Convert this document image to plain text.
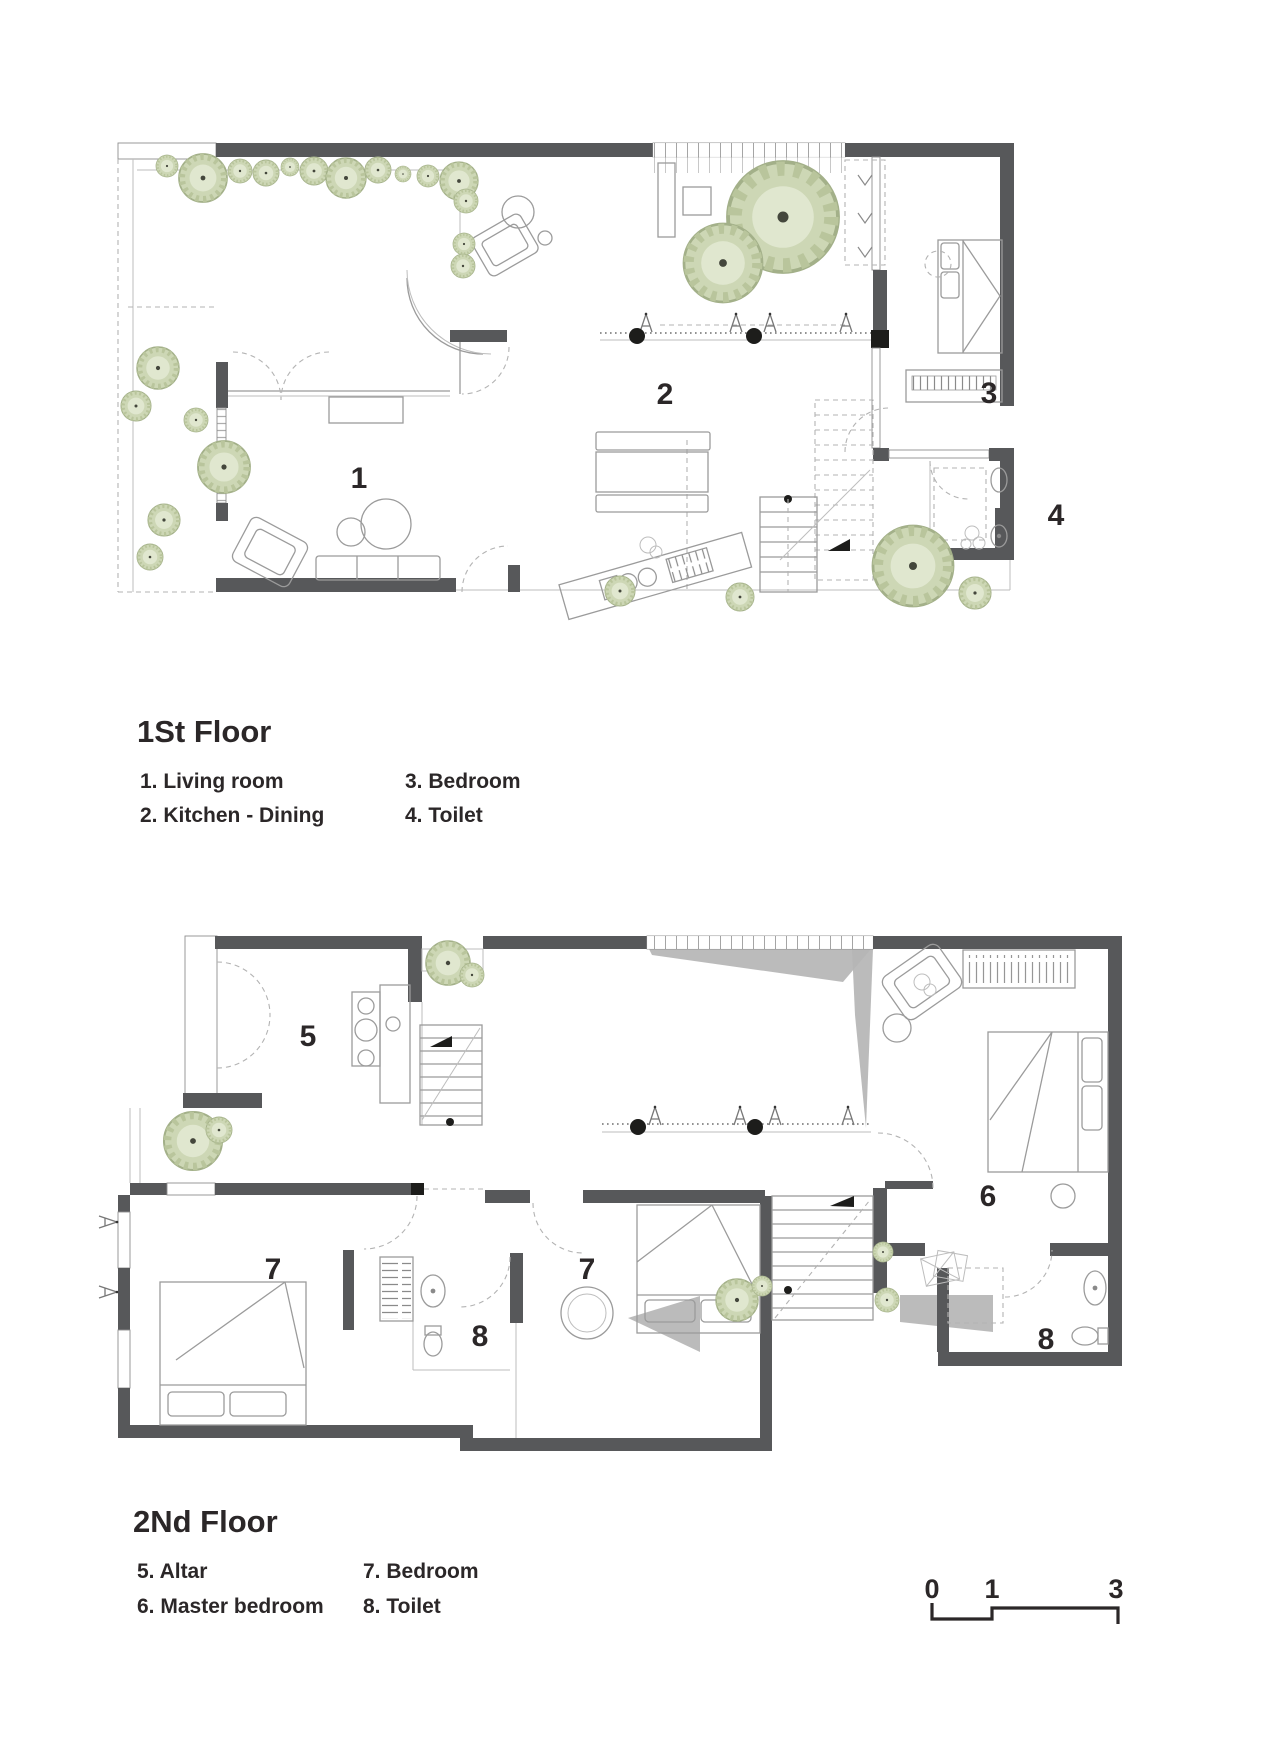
1
2	3
4
5
6
7	7
8	8
0 1	3
1St Floor
1. Living room
2. Kitchen - Dining
3. Bedroom
4. Toilet
2Nd Floor
5. Altar
6. Master bedroom
7. Bedroom
8. Toilet
